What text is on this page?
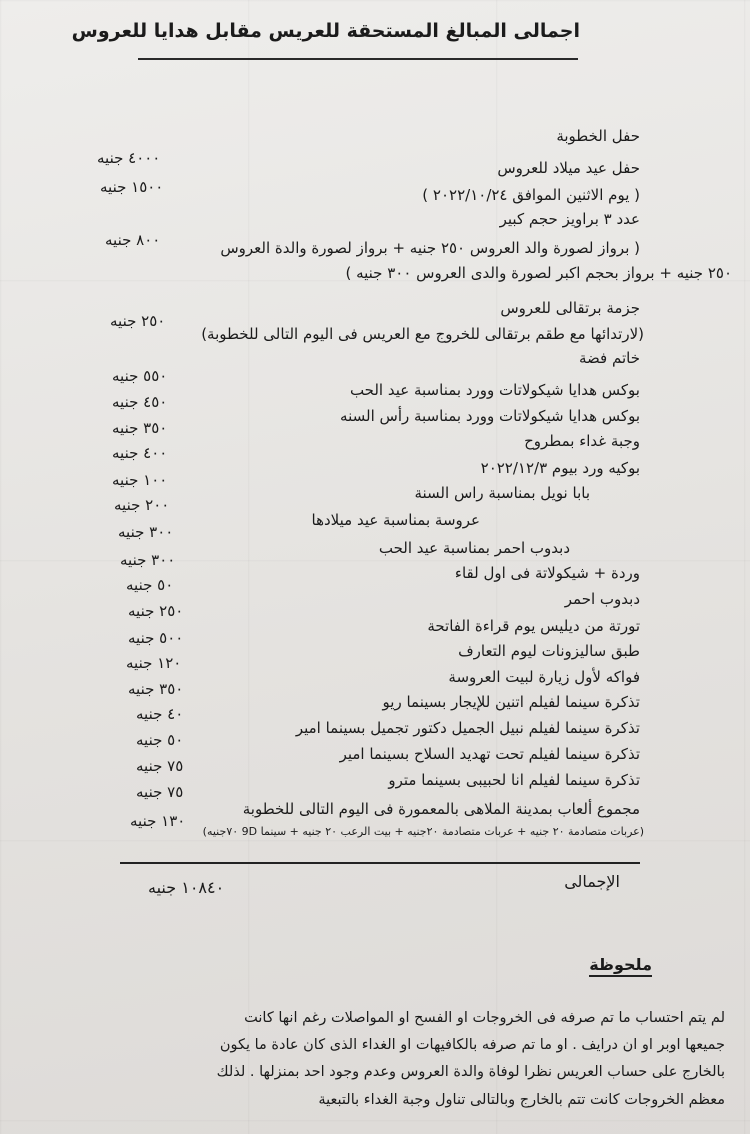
اجمالى المبالغ المستحقة للعريس مقابل هدايا للعروس
حفل الخطوبة
٤٠٠٠ جنيه
حفل عيد ميلاد للعروس
١٥٠٠ جنيه	( يوم الاثنين الموافق ٢٠٢٢/١٠/٢٤ )
عدد ٣ براويز حجم كبير
٨٠٠ جنيه	( برواز لصورة والد العروس ٢٥٠ جنيه + برواز لصورة والدة العروس
٢٥٠ جنيه + برواز بحجم اكبر لصورة والدى العروس ٣٠٠ جنيه )
جزمة برتقالى للعروس
٢٥٠ جنيه
(لارتدائها مع طقم برتقالى للخروج مع العريس فى اليوم التالى للخطوبة)
خاتم فضة
٥٥٠ جنيه
بوكس هدايا شيكولاتات وورد بمناسبة عيد الحب
٤٥٠ جنيه
بوكس هدايا شيكولاتات وورد بمناسبة رأس السنه
٣٥٠ جنيه
وجبة غداء بمطروح
٤٠٠ جنيه
بوكيه ورد بيوم ٢٠٢٢/١٢/٣
١٠٠ جنيه
بابا نويل بمناسبة راس السنة
٢٠٠ جنيه
عروسة بمناسبة عيد ميلادها
٣٠٠ جنيه
دبدوب احمر بمناسبة عيد الحب
٣٠٠ جنيه
وردة + شيكولاتة فى اول لقاء
٥٠ جنيه
دبدوب احمر
٢٥٠ جنيه
تورتة من ديليس يوم قراءة الفاتحة
٥٠٠ جنيه
طبق ساليزونات ليوم التعارف
١٢٠ جنيه
فواكه لأول زيارة لبيت العروسة
٣٥٠ جنيه
تذكرة سينما لفيلم اتنين للإيجار بسينما ريو
٤٠ جنيه
تذكرة سينما لفيلم نبيل الجميل دكتور تجميل بسينما امير
٥٠ جنيه
تذكرة سينما لفيلم تحت تهديد السلاح بسينما امير
٧٥ جنيه
تذكرة سينما لفيلم انا لحبيبى بسينما مترو
٧٥ جنيه
مجموع ألعاب بمدينة الملاهى بالمعمورة فى اليوم التالى للخطوبة
١٣٠ جنيه
(عربات متصادمة ٢٠ جنيه + عربات متصادمة ٢٠جنيه + بيت الرعب ٢٠ جنيه + سينما 9D ٧٠جنيه)
الإجمالى
١٠٨٤٠ جنيه
ملحوظة
لم يتم احتساب ما تم صرفه فى الخروجات او الفسح او المواصلات رغم انها كانت
جميعها اوبر او ان درايف . او ما تم صرفه بالكافيهات او الغداء الذى كان عادة ما يكون
بالخارج على حساب العريس نظرا لوفاة والدة العروس وعدم وجود احد بمنزلها . لذلك
معظم الخروجات كانت تتم بالخارج وبالتالى تناول وجبة الغداء بالتبعية
